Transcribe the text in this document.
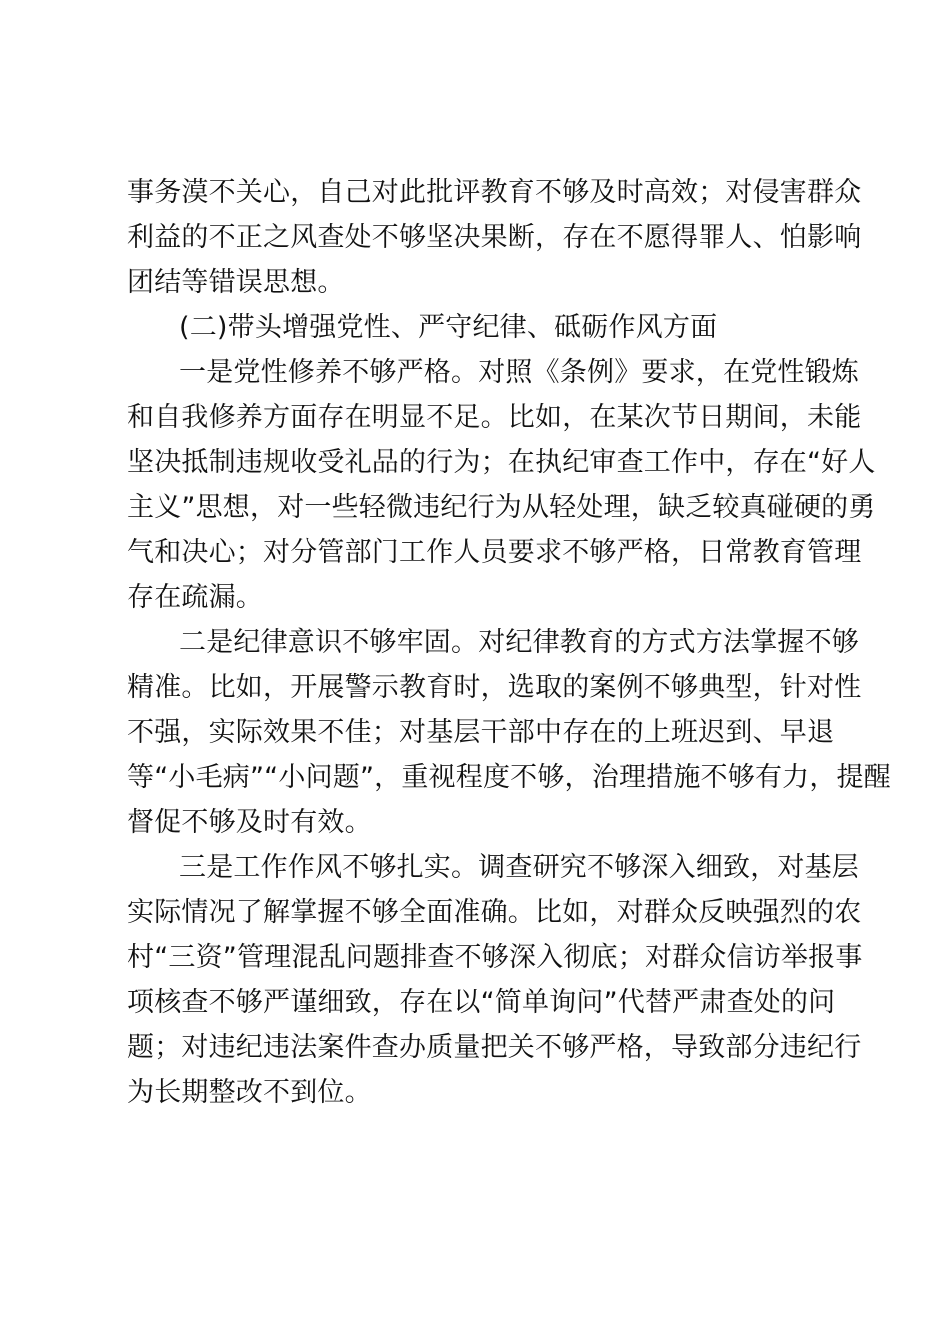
事务漠不关心，自己对此批评教育不够及时高效；对侵害群众
利益的不正之风查处不够坚决果断，存在不愿得罪人、怕影响
团结等错误思想。
(二)带头增强党性、严守纪律、砥砺作风方面
一是党性修养不够严格。对照《条例》要求，在党性锻炼
和自我修养方面存在明显不足。比如，在某次节日期间，未能
坚决抵制违规收受礼品的行为；在执纪审查工作中，存在“好人
主义”思想，对一些轻微违纪行为从轻处理，缺乏较真碰硬的勇
气和决心；对分管部门工作人员要求不够严格，日常教育管理
存在疏漏。
二是纪律意识不够牢固。对纪律教育的方式方法掌握不够
精准。比如，开展警示教育时，选取的案例不够典型，针对性
不强，实际效果不佳；对基层干部中存在的上班迟到、早退
等“小毛病”“小问题”，重视程度不够，治理措施不够有力，提醒
督促不够及时有效。
三是工作作风不够扎实。调查研究不够深入细致，对基层
实际情况了解掌握不够全面准确。比如，对群众反映强烈的农
村“三资”管理混乱问题排查不够深入彻底；对群众信访举报事
项核查不够严谨细致，存在以“简单询问”代替严肃查处的问
题；对违纪违法案件查办质量把关不够严格，导致部分违纪行
为长期整改不到位。
